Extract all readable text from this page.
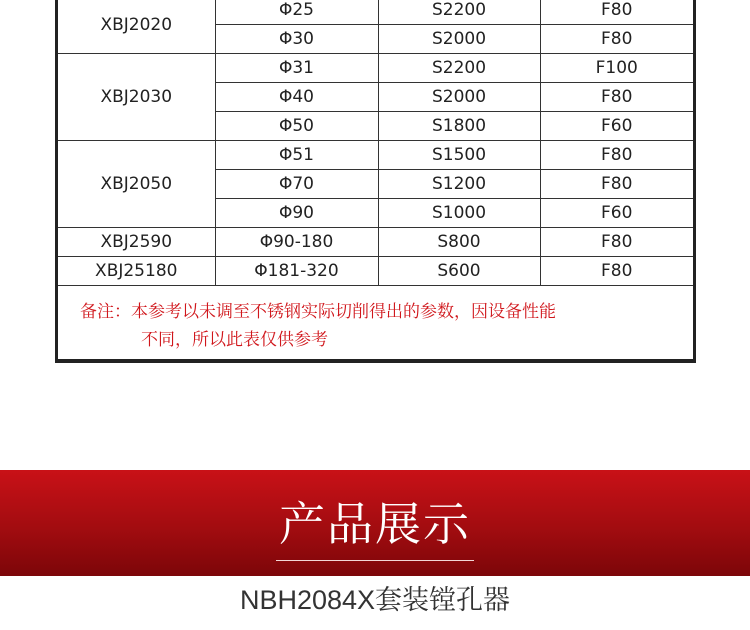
XBJ2020	Φ25	S2200	F80
	Φ30	S2000	F80
XBJ2030	Φ31	S2200	F100
	Φ40	S2000	F80
	Φ50	S1800	F60
XBJ2050	Φ51	S1500	F80
	Φ70	S1200	F80
	Φ90	S1000	F60
XBJ2590	Φ90-180	S800	F80
XBJ25180	Φ181-320	S600	F80
备注：本参考以未调至不锈钢实际切削得出的参数，因设备性能
不同，所以此表仅供参考
产品展示
NBH2084X套装镗孔器
